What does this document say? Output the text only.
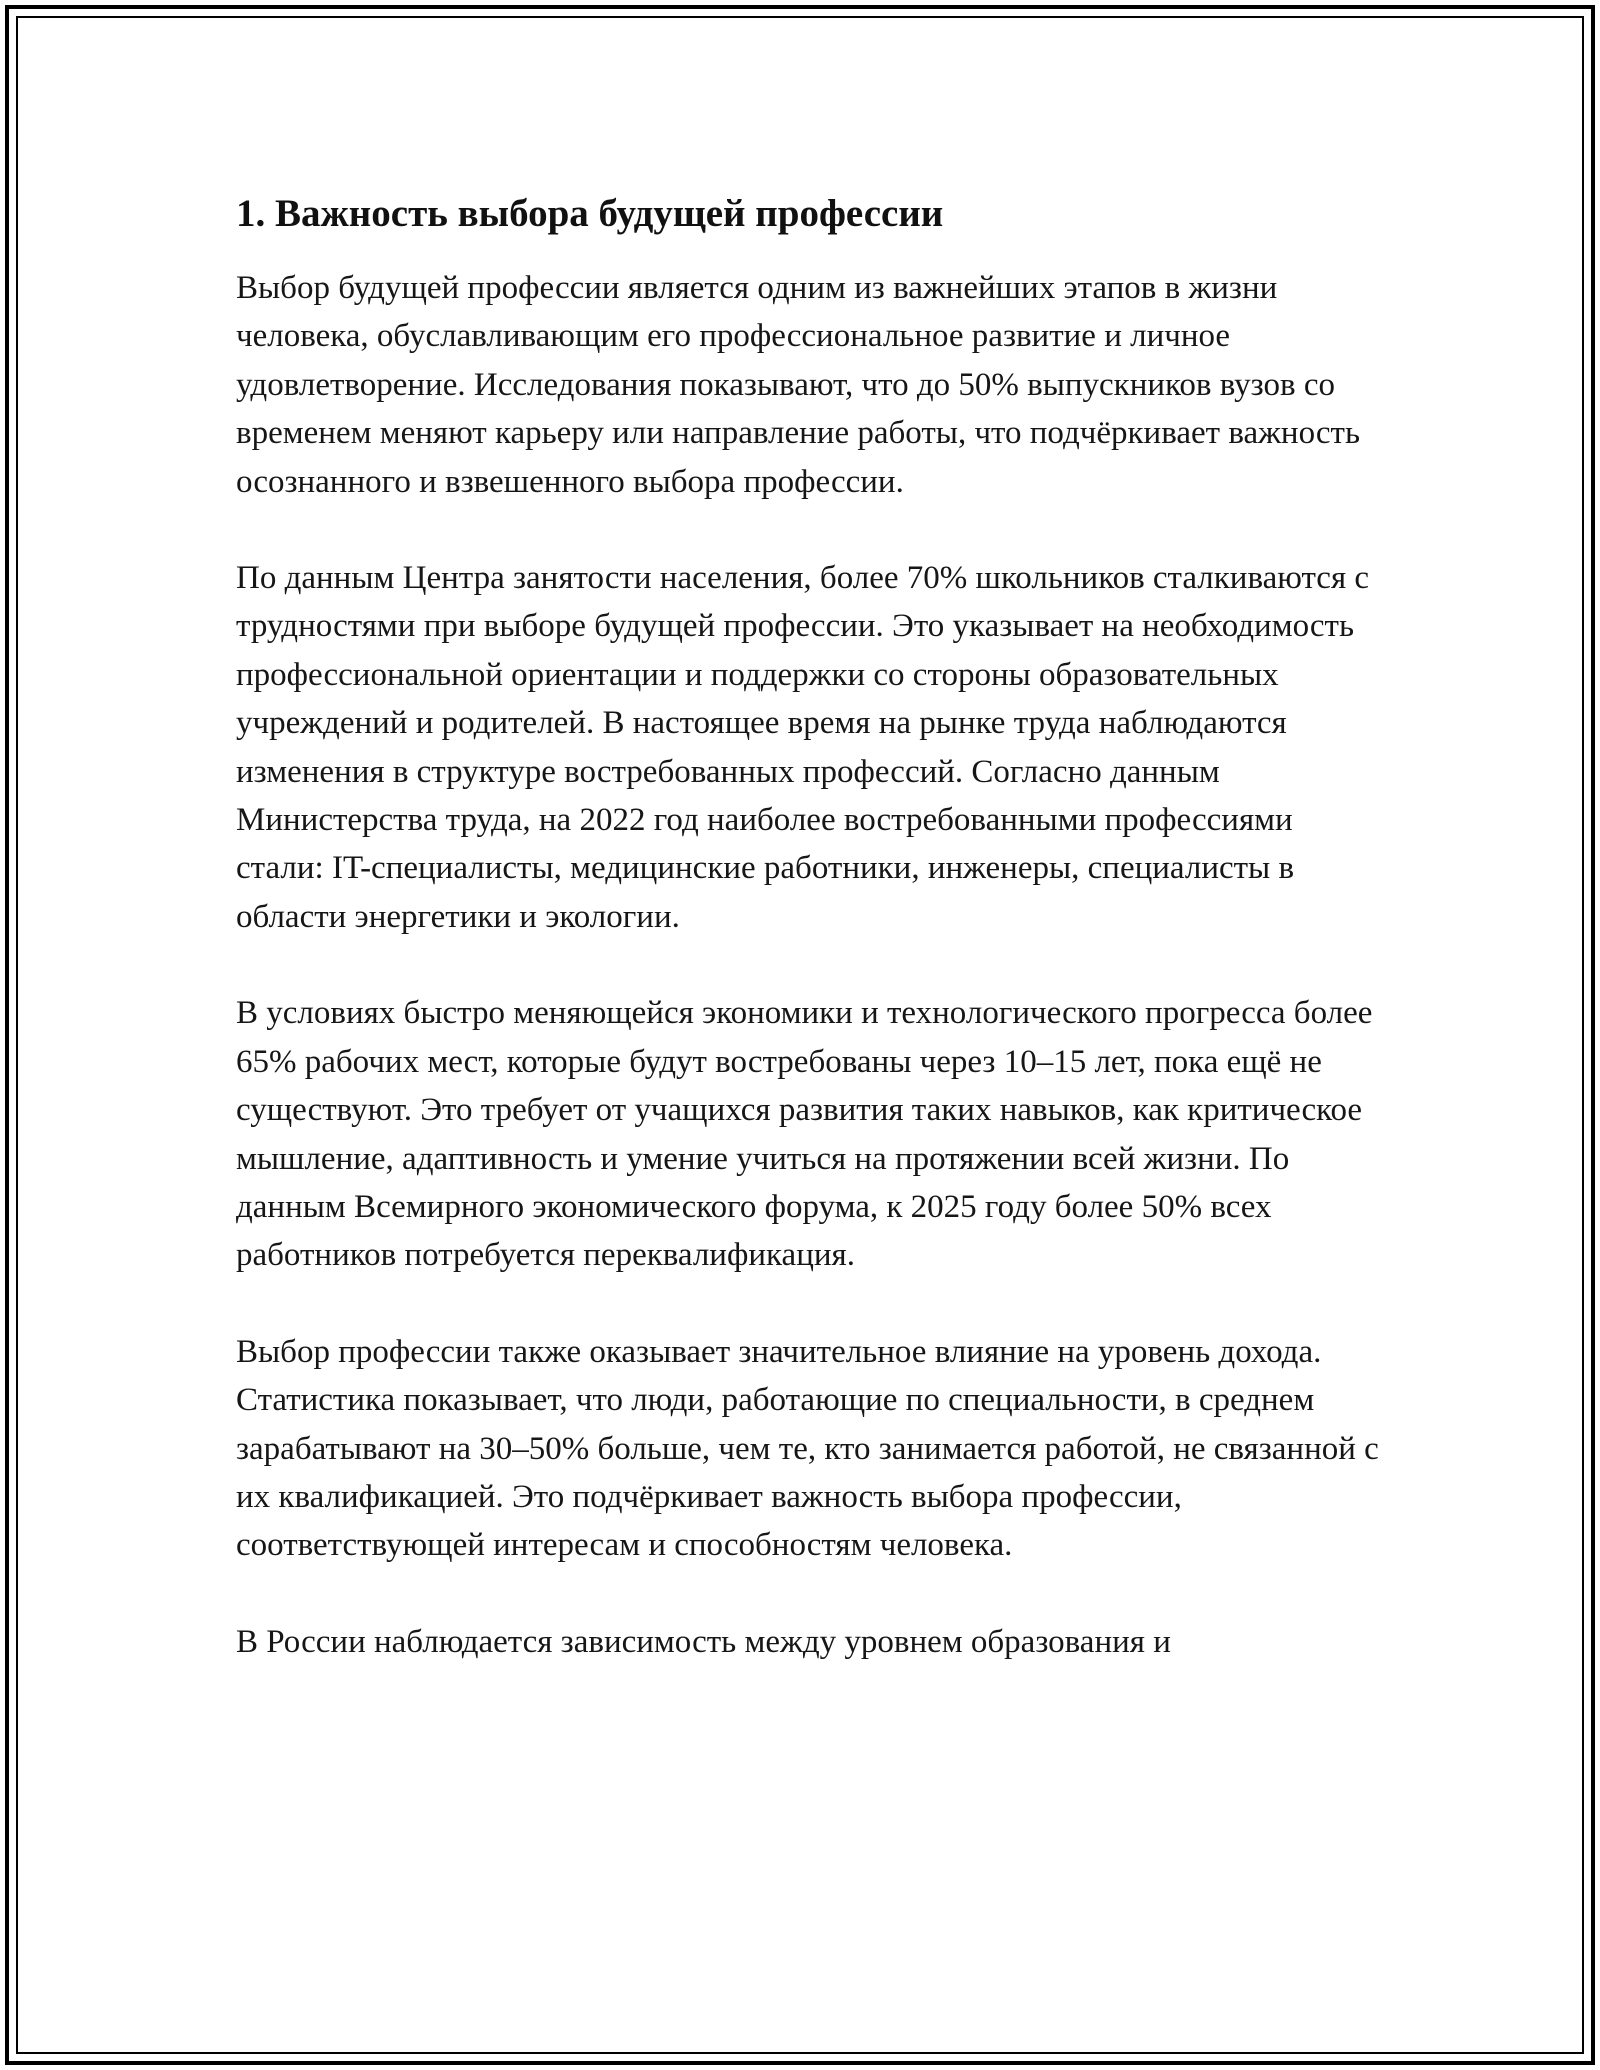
1. Важность выбора будущей профессии

Выбор будущей профессии является одним из важнейших этапов в жизни человека, обуславливающим его профессиональное развитие и личное удовлетворение. Исследования показывают, что до 50% выпускников вузов со временем меняют карьеру или направление работы, что подчёркивает важность осознанного и взвешенного выбора профессии.

По данным Центра занятости населения, более 70% школьников сталкиваются с трудностями при выборе будущей профессии. Это указывает на необходимость профессиональной ориентации и поддержки со стороны образовательных учреждений и родителей. В настоящее время на рынке труда наблюдаются изменения в структуре востребованных профессий. Согласно данным Министерства труда, на 2022 год наиболее востребованными профессиями стали: IT-специалисты, медицинские работники, инженеры, специалисты в области энергетики и экологии.

В условиях быстро меняющейся экономики и технологического прогресса более 65% рабочих мест, которые будут востребованы через 10–15 лет, пока ещё не существуют. Это требует от учащихся развития таких навыков, как критическое мышление, адаптивность и умение учиться на протяжении всей жизни. По данным Всемирного экономического форума, к 2025 году более 50% всех работников потребуется переквалификация.

Выбор профессии также оказывает значительное влияние на уровень дохода. Статистика показывает, что люди, работающие по специальности, в среднем зарабатывают на 30–50% больше, чем те, кто занимается работой, не связанной с их квалификацией. Это подчёркивает важность выбора профессии, соответствующей интересам и способностям человека.

В России наблюдается зависимость между уровнем образования и
